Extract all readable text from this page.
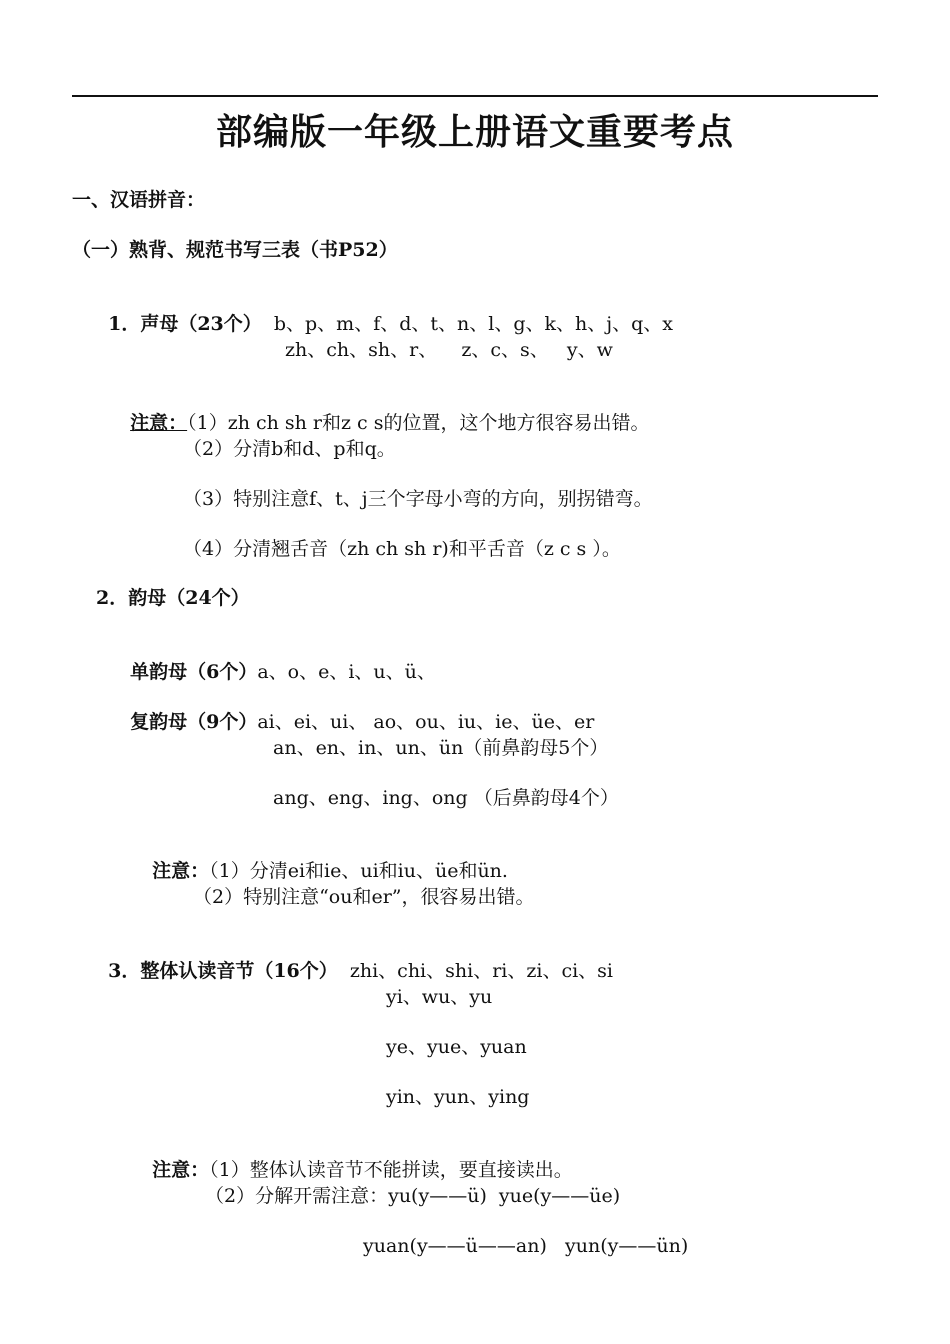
部编版一年级上册语文重要考点
一、汉语拼音：
（一）熟背、规范书写三表（书P52）

1．声母（23个） b、p、m、f、d、t、n、l、g、k、h、j、q、x

zh、ch、sh、r、    z、c、s、   y、w

注意：（1）zh ch sh r和z c s的位置，这个地方很容易出错。

（2）分清b和d、p和q。
（3）特别注意f、t、j三个字母小弯的方向，别拐错弯。
（4）分清翘舌音（zh ch sh r)和平舌音（z c s ）。
2．韵母（24个）

单韵母（6个）a、o、e、i、u、ü、

复韵母（9个）ai、ei、ui、 ao、ou、iu、ie、üe、er

an、en、in、un、ün（前鼻韵母5个）
ang、eng、ing、ong （后鼻韵母4个）

注意：（1）分清ei和ie、ui和iu、üe和ün.

（2）特别注意“ou和er”，很容易出错。

3．整体认读音节（16个） zhi、chi、shi、ri、zi、ci、si

yi、wu、yu
ye、yue、yuan
yin、yun、ying

注意：（1）整体认读音节不能拼读，要直接读出。

（2）分解开需注意：yu(y——ü)  yue(y——üe)
yuan(y——ü——an)   yun(y——ün)
